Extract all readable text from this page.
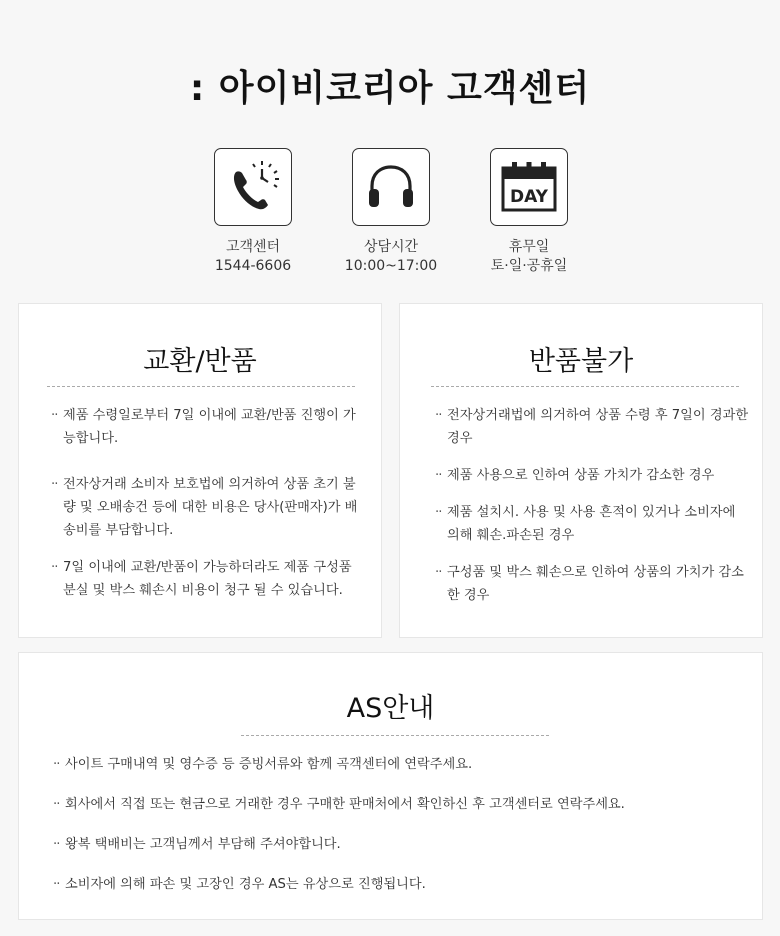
: 아이비코리아 고객센터
고객센터
1544-6606
상담시간
10:00~17:00
DAY
휴무일
토·일·공휴일
교환/반품
·· 제품 수령일로부터 7일 이내에 교환/반품 진행이 가능합니다.
·· 전자상거래 소비자 보호법에 의거하여 상품 초기 불량 및 오배송건 등에 대한 비용은 당사(판매자)가 배송비를 부담합니다.
·· 7일 이내에 교환/반품이 가능하더라도 제품 구성품 분실 및 박스 훼손시 비용이 청구 될 수 있습니다.
반품불가
·· 전자상거래법에 의거하여 상품 수령 후 7일이 경과한 경우
·· 제품 사용으로 인하여 상품 가치가 감소한 경우
·· 제품 설치시. 사용 및 사용 흔적이 있거나 소비자에 의해 훼손.파손된 경우
·· 구성품 및 박스 훼손으로 인하여 상품의 가치가 감소한 경우
AS안내
·· 사이트 구매내역 및 영수증 등 증빙서류와 함께 곡객센터에 연락주세요.
·· 회사에서 직접 또는 현금으로 거래한 경우 구매한 판매처에서 확인하신 후 고객센터로 연락주세요.
·· 왕복 택배비는 고객님께서 부담해 주셔야합니다.
·· 소비자에 의해 파손 및 고장인 경우 AS는 유상으로 진행됩니다.
